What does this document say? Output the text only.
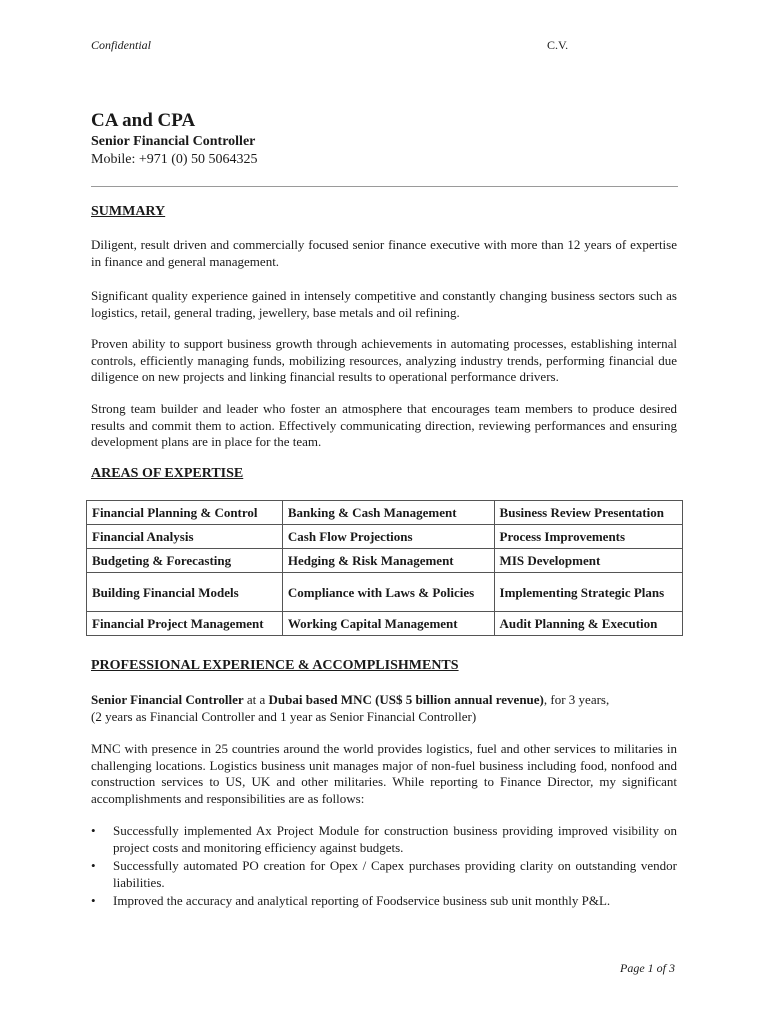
Confidential	C.V.
CA and CPA
Senior Financial Controller
Mobile: +971 (0) 50 5064325
SUMMARY

Diligent, result driven and commercially focused senior finance executive with more than 12 years of expertise in finance and general management.

Significant quality experience gained in intensely competitive and constantly changing business sectors such as logistics, retail, general trading, jewellery, base metals and oil refining.

Proven ability to support business growth through achievements in automating processes, establishing internal controls, efficiently managing funds, mobilizing resources, analyzing industry trends, performing financial due diligence on new projects and linking financial results to operational performance drivers.

Strong team builder and leader who foster an atmosphere that encourages team members to produce desired results and commit them to action. Effectively communicating direction, reviewing performances and ensuring development plans are in place for the team.

AREAS OF EXPERTISE
Financial Planning & Control	Banking & Cash Management	Business Review Presentation
Financial Analysis	Cash Flow Projections	Process Improvements
Budgeting & Forecasting	Hedging & Risk Management	MIS Development
Building Financial Models	Compliance with Laws & Policies	Implementing Strategic Plans
Financial Project Management	Working Capital Management	Audit Planning & Execution
PROFESSIONAL EXPERIENCE & ACCOMPLISHMENTS

Senior Financial Controller at a Dubai based MNC (US$ 5 billion annual revenue), for 3 years,

(2 years as Financial Controller and 1 year as Senior Financial Controller)

MNC with presence in 25 countries around the world provides logistics, fuel and other services to militaries in challenging locations. Logistics business unit manages major of non-fuel business including food, nonfood and construction services to US, UK and other militaries. While reporting to Finance Director, my significant accomplishments and responsibilities are as follows:

• Successfully implemented Ax Project Module for construction business providing improved visibility on project costs and monitoring efficiency against budgets.
• Successfully automated PO creation for Opex / Capex purchases providing clarity on outstanding vendor liabilities.
• Improved the accuracy and analytical reporting of Foodservice business sub unit monthly P&L.
Page 1 of 3
